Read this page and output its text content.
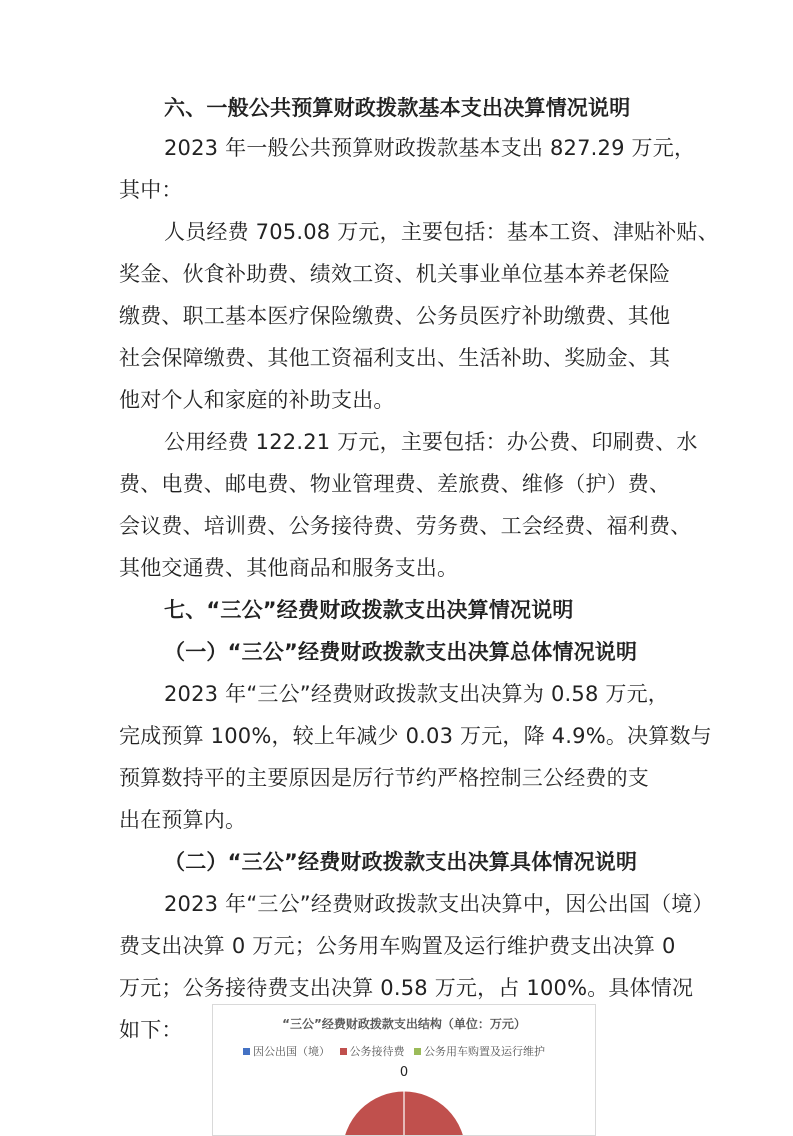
六、一般公共预算财政拨款基本支出决算情况说明
2023 年一般公共预算财政拨款基本支出 827.29 万元，
其中：
人员经费 705.08 万元，主要包括：基本工资、津贴补贴、
奖金、伙食补助费、绩效工资、机关事业单位基本养老保险
缴费、职工基本医疗保险缴费、公务员医疗补助缴费、其他
社会保障缴费、其他工资福利支出、生活补助、奖励金、其
他对个人和家庭的补助支出。
公用经费 122.21 万元，主要包括：办公费、印刷费、水
费、电费、邮电费、物业管理费、差旅费、维修（护）费、
会议费、培训费、公务接待费、劳务费、工会经费、福利费、
其他交通费、其他商品和服务支出。
七、“三公”经费财政拨款支出决算情况说明
（一）“三公”经费财政拨款支出决算总体情况说明
2023 年“三公”经费财政拨款支出决算为 0.58 万元，
完成预算 100%，较上年减少 0.03 万元，降 4.9%。决算数与
预算数持平的主要原因是厉行节约严格控制三公经费的支
出在预算内。
（二）“三公”经费财政拨款支出决算具体情况说明
2023 年“三公”经费财政拨款支出决算中，因公出国（境）
费支出决算 0 万元；公务用车购置及运行维护费支出决算 0
万元；公务接待费支出决算 0.58 万元，占 100%。具体情况
如下：	“三公”经费财政拨款支出结构（单位：万元）
因公出国（境） 公务接待费 公务用车购置及运行维护
0
